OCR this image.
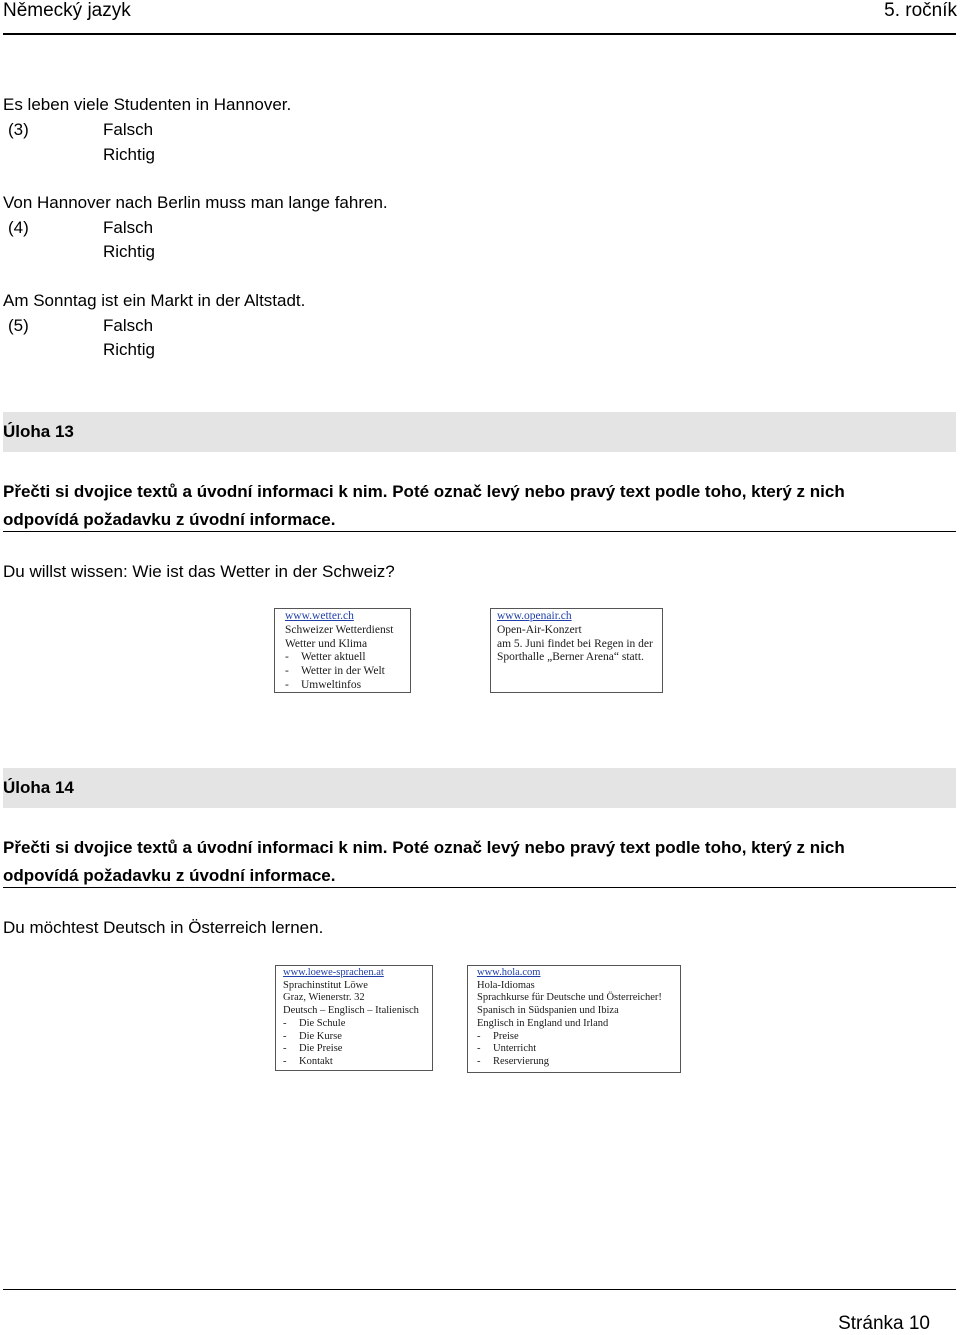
Německý jazyk	5. ročník
Es leben viele Studenten in Hannover.
(3)	Falsch
Richtig
Von Hannover nach Berlin muss man lange fahren.
(4)	Falsch
Richtig
Am Sonntag ist ein Markt in der Altstadt.
(5)	Falsch
Richtig
Úloha 13
Přečti si dvojice textů a úvodní informaci k nim. Poté označ levý nebo pravý text podle toho, který z nich odpovídá požadavku z úvodní informace.
Du willst wissen: Wie ist das Wetter in der Schweiz?
www.wetter.ch
Schweizer Wetterdienst
Wetter und Klima
- Wetter aktuell
- Wetter in der Welt
- Umweltinfos
www.openair.ch
Open-Air-Konzert
am 5. Juni findet bei Regen in der
Sporthalle „Berner Arena“ statt.
Úloha 14
Přečti si dvojice textů a úvodní informaci k nim. Poté označ levý nebo pravý text podle toho, který z nich odpovídá požadavku z úvodní informace.
Du möchtest Deutsch in Österreich lernen.
www.loewe-sprachen.at
Sprachinstitut Löwe
Graz, Wienerstr. 32
Deutsch – Englisch – Italienisch
- Die Schule
- Die Kurse
- Die Preise
- Kontakt
www.hola.com
Hola-Idiomas
Sprachkurse für Deutsche und Österreicher!
Spanisch in Südspanien und Ibiza
Englisch in England und Irland
- Preise
- Unterricht
- Reservierung
Stránka 10
